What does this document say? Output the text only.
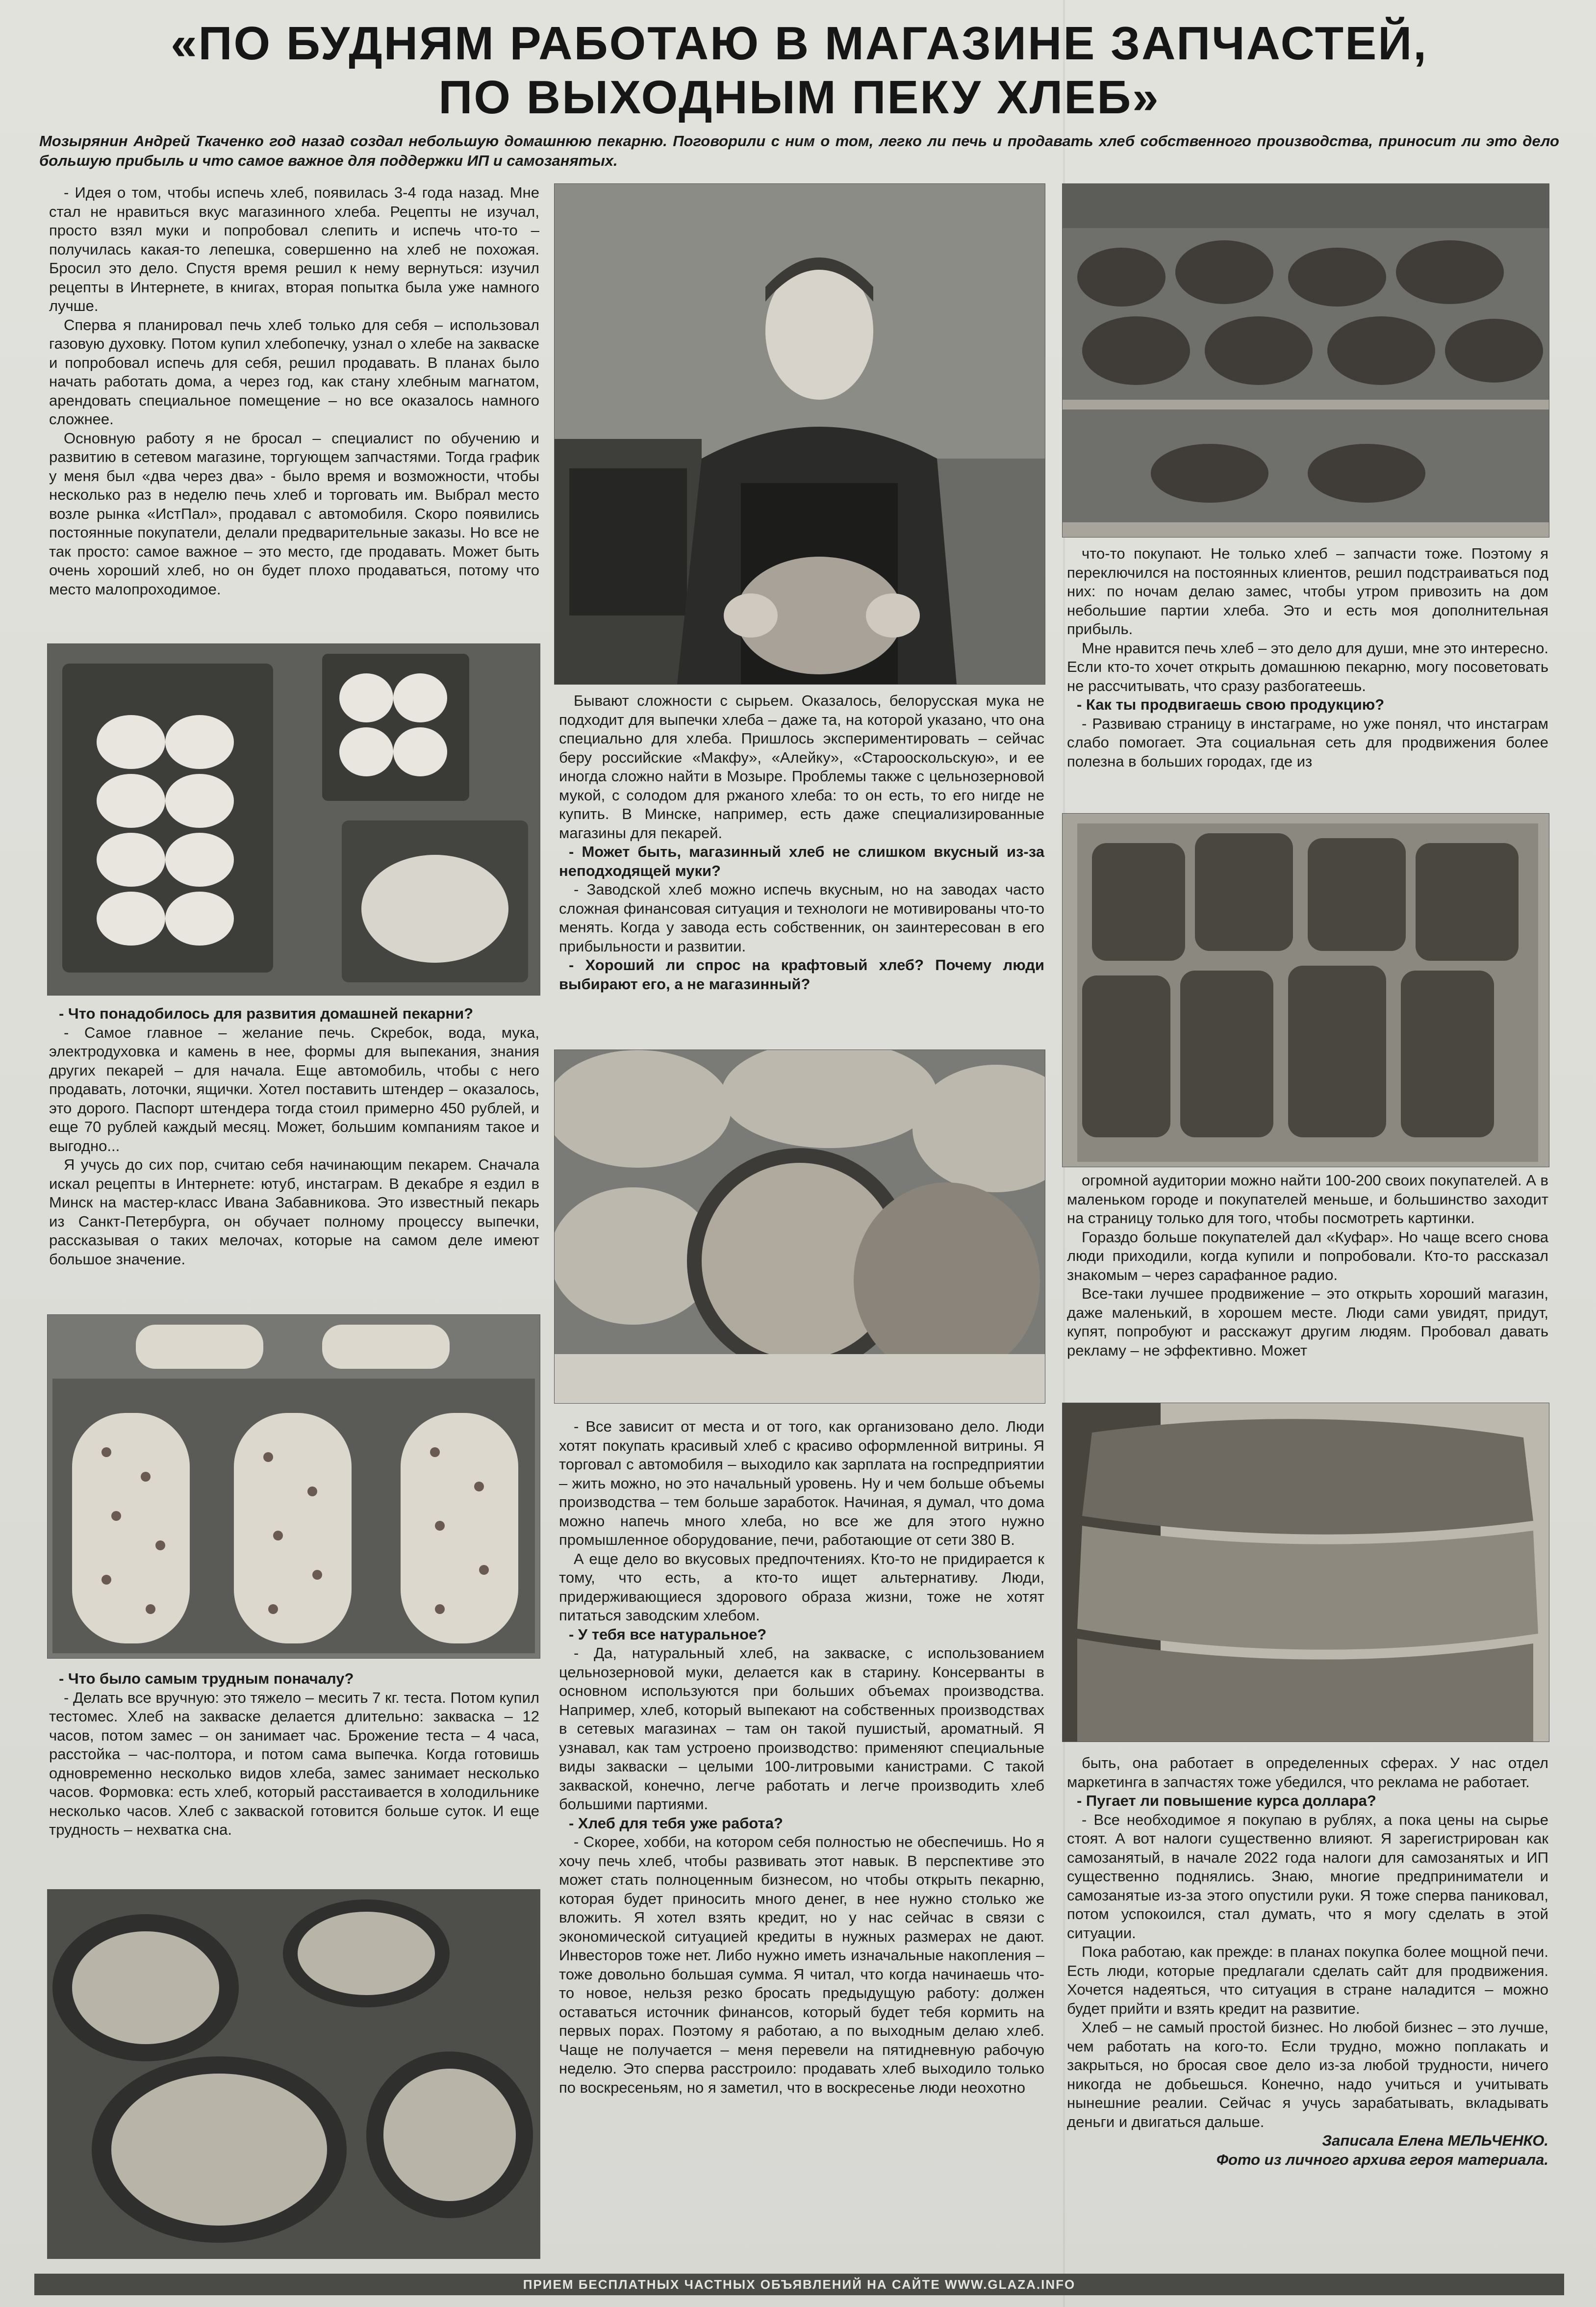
«ПО БУДНЯМ РАБОТАЮ В МАГАЗИНЕ ЗАПЧАСТЕЙ,
ПО ВЫХОДНЫМ ПЕКУ ХЛЕБ»
Мозырянин Андрей Ткаченко год назад создал небольшую домашнюю пекарню. Поговорили с ним о том, легко ли печь и продавать хлеб собственного производства, приносит ли это дело большую прибыль и что самое важное для поддержки ИП и самозанятых.

- Идея о том, чтобы испечь хлеб, появилась 3-4 года назад. Мне стал не нравиться вкус магазинного хлеба. Рецепты не изучал, просто взял муки и попробовал слепить и испечь что-то – получилась какая-то лепешка, совершенно на хлеб не похожая. Бросил это дело. Спустя время решил к нему вернуться: изучил рецепты в Интернете, в книгах, вторая попытка была уже намного лучше.

Сперва я планировал печь хлеб только для себя – использовал газовую духовку. Потом купил хлебопечку, узнал о хлебе на закваске и попробовал испечь для себя, решил продавать. В планах было начать работать дома, а через год, как стану хлебным магнатом, арендовать специальное помещение – но все оказалось намного сложнее.

Основную работу я не бросал – специалист по обучению и развитию в сетевом магазине, торгующем запчастями. Тогда график у меня был «два через два» - было время и возможности, чтобы несколько раз в неделю печь хлеб и торговать им. Выбрал место возле рынка «ИстПал», продавал с автомобиля. Скоро появились постоянные покупатели, делали предварительные заказы. Но все не так просто: самое важное – это место, где продавать. Может быть очень хороший хлеб, но он будет плохо продаваться, потому что место малопроходимое.

- Что понадобилось для развития домашней пекарни?

- Самое главное – желание печь. Скребок, вода, мука, электродуховка и камень в нее, формы для выпекания, знания других пекарей – для начала. Еще автомобиль, чтобы с него продавать, лоточки, ящички. Хотел поставить штендер – оказалось, это дорого. Паспорт штендера тогда стоил примерно 450 рублей, и еще 70 рублей каждый месяц. Может, большим компаниям такое и выгодно...

Я учусь до сих пор, считаю себя начинающим пекарем. Сначала искал рецепты в Интернете: ютуб, инстаграм. В декабре я ездил в Минск на мастер-класс Ивана Забавникова. Это известный пекарь из Санкт-Петербурга, он обучает полному процессу выпечки, рассказывая о таких мелочах, которые на самом деле имеют большое значение.

- Что было самым трудным поначалу?

- Делать все вручную: это тяжело – месить 7 кг. теста. Потом купил тестомес. Хлеб на закваске делается длительно: закваска – 12 часов, потом замес – он занимает час. Брожение теста – 4 часа, расстойка – час-полтора, и потом сама выпечка. Когда готовишь одновременно несколько видов хлеба, замес занимает несколько часов. Формовка: есть хлеб, который расстаивается в холодильнике несколько часов. Хлеб с закваской готовится больше суток. И еще трудность – нехватка сна.

Бывают сложности с сырьем. Оказалось, белорусская мука не подходит для выпечки хлеба – даже та, на которой указано, что она специально для хлеба. Пришлось экспериментировать – сейчас беру российские «Макфу», «Алейку», «Старооскольскую», и ее иногда сложно найти в Мозыре. Проблемы также с цельнозерновой мукой, с солодом для ржаного хлеба: то он есть, то его нигде не купить. В Минске, например, есть даже специализированные магазины для пекарей.

- Может быть, магазинный хлеб не слишком вкусный из-за неподходящей муки?

- Заводской хлеб можно испечь вкусным, но на заводах часто сложная финансовая ситуация и технологи не мотивированы что-то менять. Когда у завода есть собственник, он заинтересован в его прибыльности и развитии.

- Хороший ли спрос на крафтовый хлеб? Почему люди выбирают его, а не магазинный?

- Все зависит от места и от того, как организовано дело. Люди хотят покупать красивый хлеб с красиво оформленной витрины. Я торговал с автомобиля – выходило как зарплата на госпредприятии – жить можно, но это начальный уровень. Ну и чем больше объемы производства – тем больше заработок. Начиная, я думал, что дома можно напечь много хлеба, но все же для этого нужно промышленное оборудование, печи, работающие от сети 380 В.

А еще дело во вкусовых предпочтениях. Кто-то не придирается к тому, что есть, а кто-то ищет альтернативу. Люди, придерживающиеся здорового образа жизни, тоже не хотят питаться заводским хлебом.

- У тебя все натуральное?

- Да, натуральный хлеб, на закваске, с использованием цельнозерновой муки, делается как в старину. Консерванты в основном используются при больших объемах производства. Например, хлеб, который выпекают на собственных производствах в сетевых магазинах – там он такой пушистый, ароматный. Я узнавал, как там устроено производство: применяют специальные виды закваски – целыми 100-литровыми канистрами. С такой закваской, конечно, легче работать и легче производить хлеб большими партиями.

- Хлеб для тебя уже работа?

- Скорее, хобби, на котором себя полностью не обеспечишь. Но я хочу печь хлеб, чтобы развивать этот навык. В перспективе это может стать полноценным бизнесом, но чтобы открыть пекарню, которая будет приносить много денег, в нее нужно столько же вложить. Я хотел взять кредит, но у нас сейчас в связи с экономической ситуацией кредиты в нужных размерах не дают. Инвесторов тоже нет. Либо нужно иметь изначальные накопления – тоже довольно большая сумма. Я читал, что когда начинаешь что-то новое, нельзя резко бросать предыдущую работу: должен оставаться источник финансов, который будет тебя кормить на первых порах. Поэтому я работаю, а по выходным делаю хлеб. Чаще не получается – меня перевели на пятидневную рабочую неделю. Это сперва расстроило: продавать хлеб выходило только по воскресеньям, но я заметил, что в воскресенье люди неохотно

что-то покупают. Не только хлеб – запчасти тоже. Поэтому я переключился на постоянных клиентов, решил подстраиваться под них: по ночам делаю замес, чтобы утром привозить на дом небольшие партии хлеба. Это и есть моя дополнительная прибыль.

Мне нравится печь хлеб – это дело для души, мне это интересно. Если кто-то хочет открыть домашнюю пекарню, могу посоветовать не рассчитывать, что сразу разбогатеешь.

- Как ты продвигаешь свою продукцию?

- Развиваю страницу в инстаграме, но уже понял, что инстаграм слабо помогает. Эта социальная сеть для продвижения более полезна в больших городах, где из

огромной аудитории можно найти 100-200 своих покупателей. А в маленьком городе и покупателей меньше, и большинство заходит на страницу только для того, чтобы посмотреть картинки.

Гораздо больше покупателей дал «Куфар». Но чаще всего снова люди приходили, когда купили и попробовали. Кто-то рассказал знакомым – через сарафанное радио.

Все-таки лучшее продвижение – это открыть хороший магазин, даже маленький, в хорошем месте. Люди сами увидят, придут, купят, попробуют и расскажут другим людям. Пробовал давать рекламу – не эффективно. Может

быть, она работает в определенных сферах. У нас отдел маркетинга в запчастях тоже убедился, что реклама не работает.

- Пугает ли повышение курса доллара?

- Все необходимое я покупаю в рублях, а пока цены на сырье стоят. А вот налоги существенно влияют. Я зарегистрирован как самозанятый, в начале 2022 года налоги для самозанятых и ИП существенно поднялись. Знаю, многие предприниматели и самозанятые из-за этого опустили руки. Я тоже сперва паниковал, потом успокоился, стал думать, что я могу сделать в этой ситуации.

Пока работаю, как прежде: в планах покупка более мощной печи. Есть люди, которые предлагали сделать сайт для продвижения. Хочется надеяться, что ситуация в стране наладится – можно будет прийти и взять кредит на развитие.

Хлеб – не самый простой бизнес. Но любой бизнес – это лучше, чем работать на кого-то. Если трудно, можно поплакать и закрыться, но бросая свое дело из-за любой трудности, ничего никогда не добьешься. Конечно, надо учиться и учитывать нынешние реалии. Сейчас я учусь зарабатывать, вкладывать деньги и двигаться дальше.

Записала Елена МЕЛЬЧЕНКО.

Фото из личного архива героя материала.

ПРИЕМ БЕСПЛАТНЫХ ЧАСТНЫХ ОБЪЯВЛЕНИЙ НА САЙТЕ WWW.GLAZA.INFO
